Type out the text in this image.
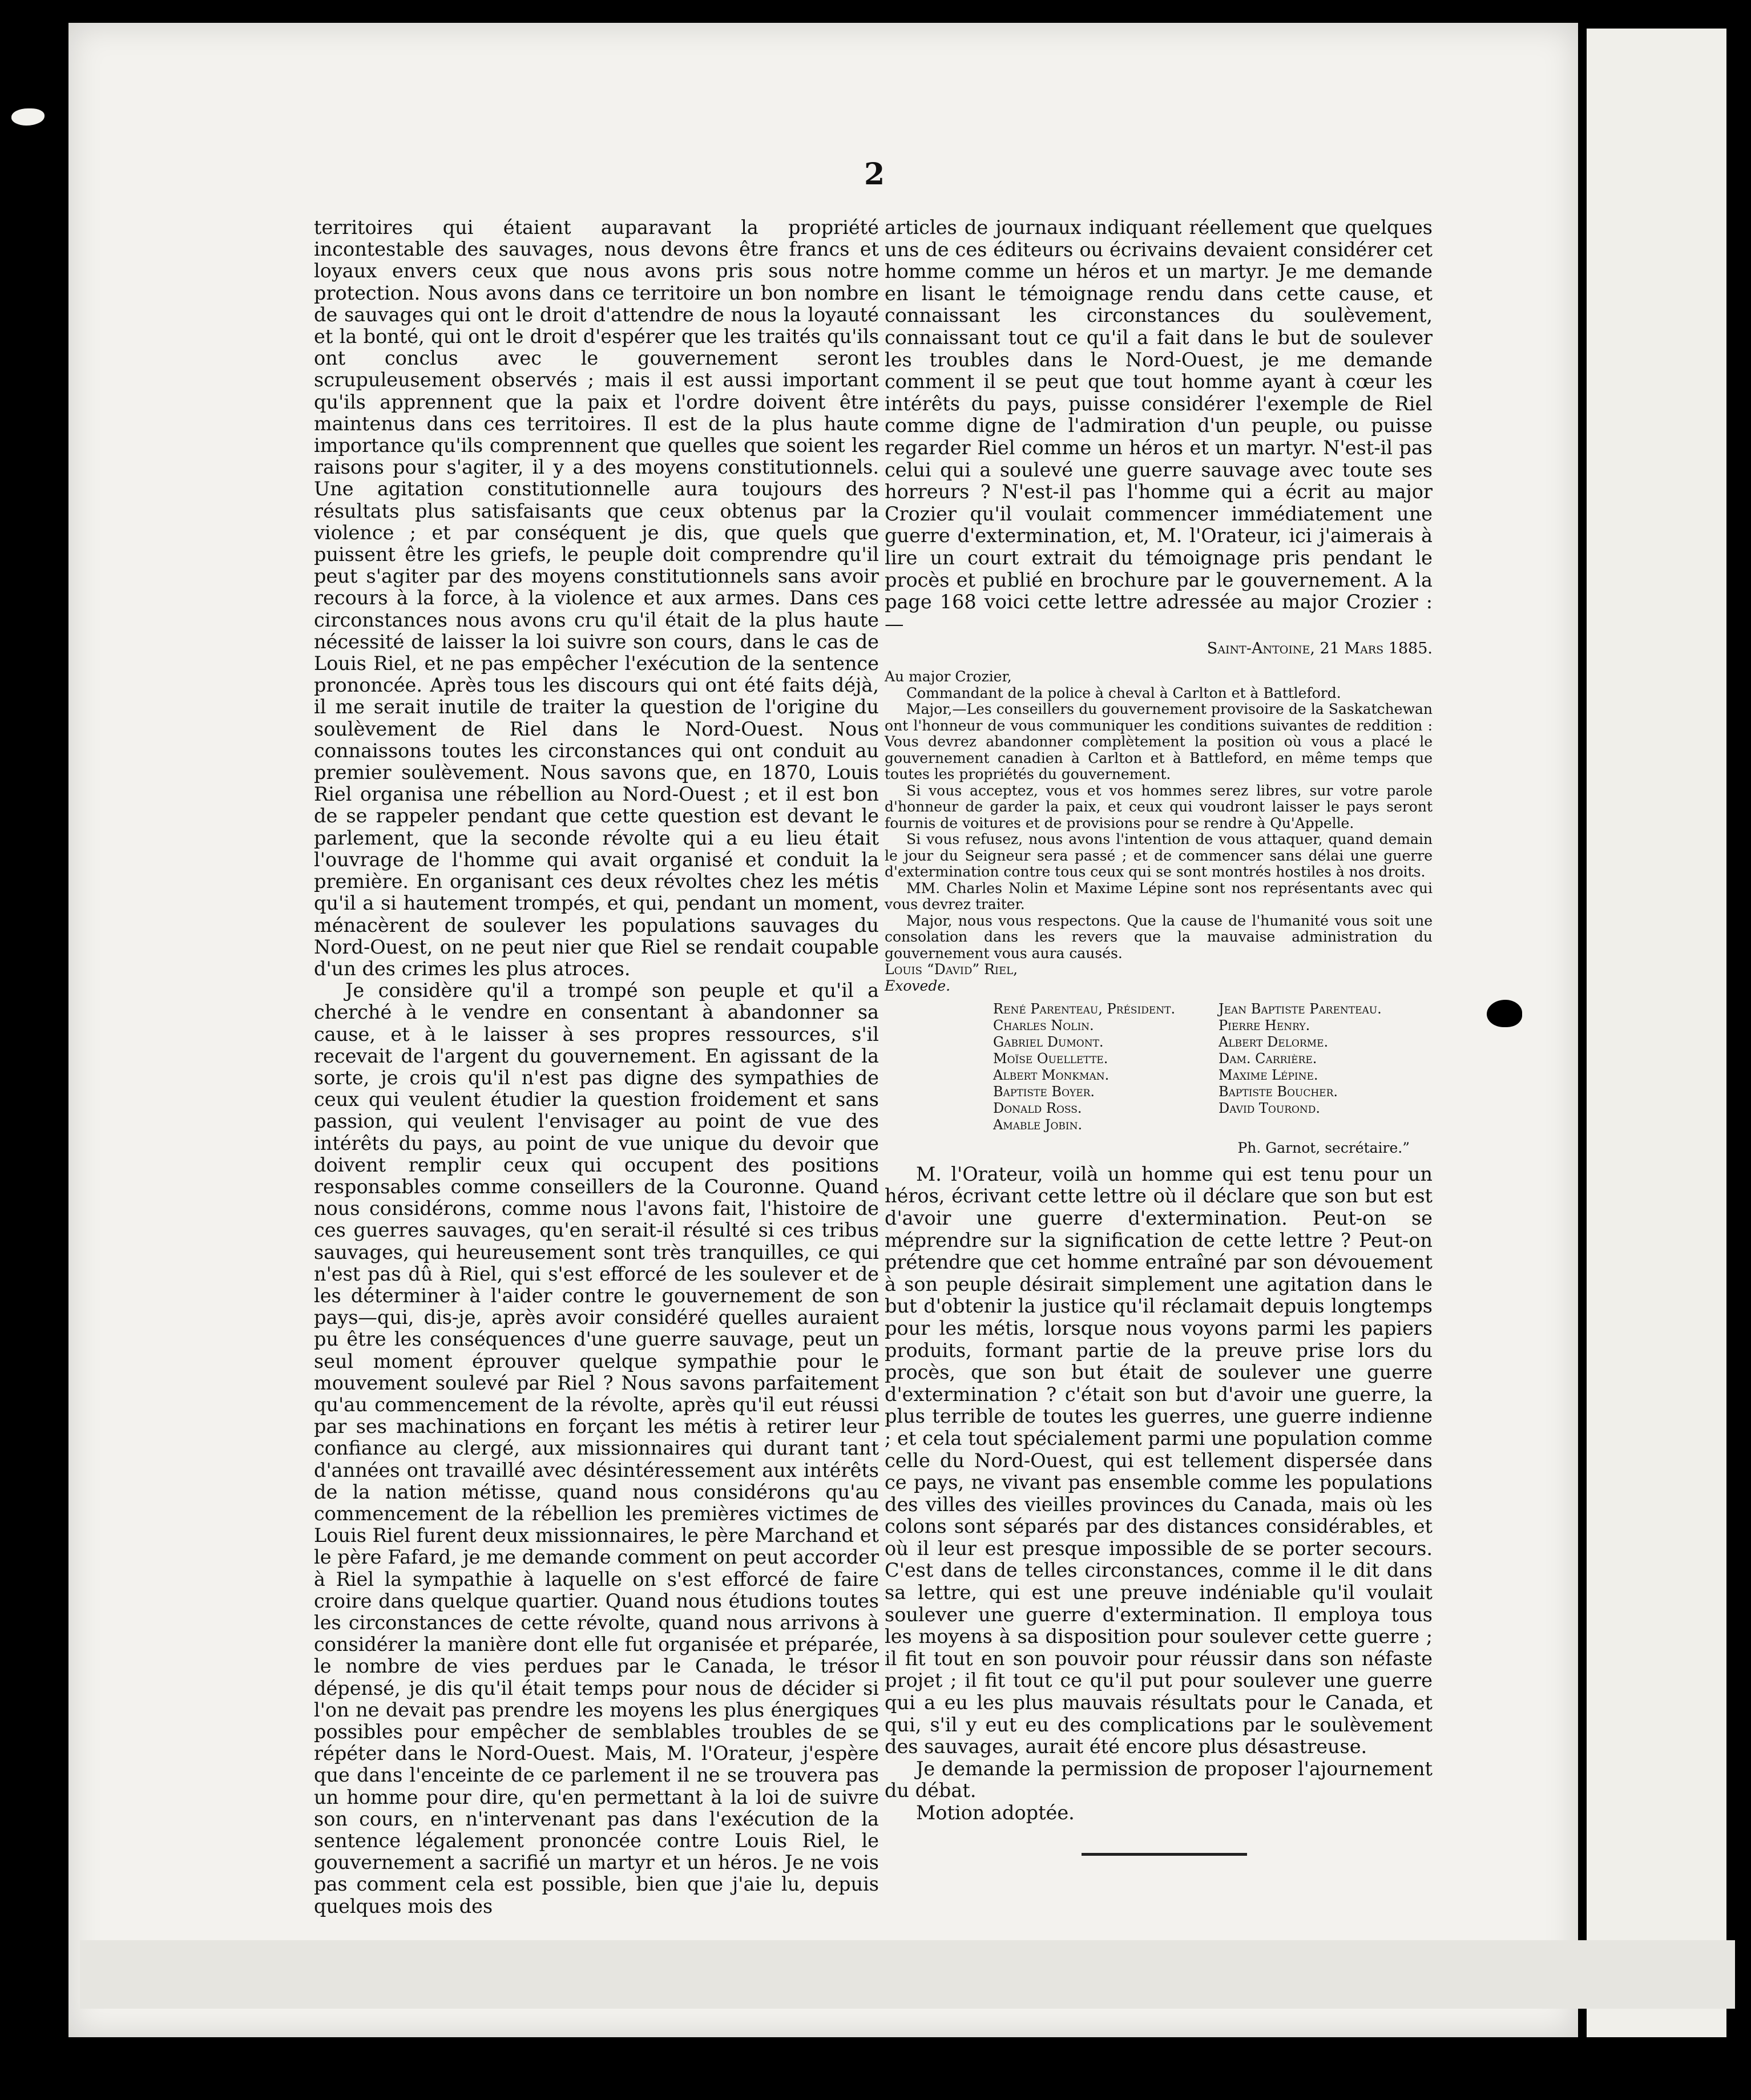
2

territoires qui étaient auparavant la propriété incontestable des sauvages, nous devons être francs et loyaux envers ceux que nous avons pris sous notre protection. Nous avons dans ce territoire un bon nombre de sauvages qui ont le droit d'attendre de nous la loyauté et la bonté, qui ont le droit d'espérer que les traités qu'ils ont conclus avec le gouvernement seront scrupuleusement observés ; mais il est aussi important qu'ils apprennent que la paix et l'ordre doivent être maintenus dans ces territoires. Il est de la plus haute importance qu'ils comprennent que quelles que soient les raisons pour s'agiter, il y a des moyens constitutionnels. Une agitation constitutionnelle aura toujours des résultats plus satisfaisants que ceux obtenus par la violence ; et par conséquent je dis, que quels que puissent être les griefs, le peuple doit comprendre qu'il peut s'agiter par des moyens constitutionnels sans avoir recours à la force, à la violence et aux armes. Dans ces circonstances nous avons cru qu'il était de la plus haute nécessité de laisser la loi suivre son cours, dans le cas de Louis Riel, et ne pas empêcher l'exécution de la sentence prononcée. Après tous les discours qui ont été faits déjà, il me serait inutile de traiter la question de l'origine du soulèvement de Riel dans le Nord-Ouest. Nous connaissons toutes les circonstances qui ont conduit au premier soulèvement. Nous savons que, en 1870, Louis Riel organisa une rébellion au Nord-Ouest ; et il est bon de se rappeler pendant que cette question est devant le parlement, que la seconde révolte qui a eu lieu était l'ouvrage de l'homme qui avait organisé et conduit la première. En organisant ces deux révoltes chez les métis qu'il a si hautement trompés, et qui, pendant un moment, ménacèrent de soulever les populations sauvages du Nord-Ouest, on ne peut nier que Riel se rendait coupable d'un des crimes les plus atroces.

Je considère qu'il a trompé son peuple et qu'il a cherché à le vendre en consentant à abandonner sa cause, et à le laisser à ses propres ressources, s'il recevait de l'argent du gouvernement. En agissant de la sorte, je crois qu'il n'est pas digne des sympathies de ceux qui veulent étudier la question froidement et sans passion, qui veulent l'envisager au point de vue des intérêts du pays, au point de vue unique du devoir que doivent remplir ceux qui occupent des positions responsables comme conseillers de la Couronne. Quand nous considérons, comme nous l'avons fait, l'histoire de ces guerres sauvages, qu'en serait-il résulté si ces tribus sauvages, qui heureusement sont très tranquilles, ce qui n'est pas dû à Riel, qui s'est efforcé de les soulever et de les déterminer à l'aider contre le gouvernement de son pays—qui, dis-je, après avoir considéré quelles auraient pu être les conséquences d'une guerre sauvage, peut un seul moment éprouver quelque sympathie pour le mouvement soulevé par Riel ? Nous savons parfaitement qu'au commencement de la révolte, après qu'il eut réussi par ses machinations en forçant les métis à retirer leur confiance au clergé, aux missionnaires qui durant tant d'années ont travaillé avec désintéressement aux intérêts de la nation métisse, quand nous considérons qu'au commencement de la rébellion les premières victimes de Louis Riel furent deux missionnaires, le père Marchand et le père Fafard, je me demande comment on peut accorder à Riel la sympathie à laquelle on s'est efforcé de faire croire dans quelque quartier. Quand nous étudions toutes les circonstances de cette révolte, quand nous arrivons à considérer la manière dont elle fut organisée et préparée, le nombre de vies perdues par le Canada, le trésor dépensé, je dis qu'il était temps pour nous de décider si l'on ne devait pas prendre les moyens les plus énergiques possibles pour empêcher de semblables troubles de se répéter dans le Nord-Ouest. Mais, M. l'Orateur, j'espère que dans l'enceinte de ce parlement il ne se trouvera pas un homme pour dire, qu'en permettant à la loi de suivre son cours, en n'intervenant pas dans l'exécution de la sentence légalement prononcée contre Louis Riel, le gouvernement a sacrifié un martyr et un héros. Je ne vois pas comment cela est possible, bien que j'aie lu, depuis quelques mois des

articles de journaux indiquant réellement que quelques uns de ces éditeurs ou écrivains devaient considérer cet homme comme un héros et un martyr. Je me demande en lisant le témoignage rendu dans cette cause, et connaissant les circonstances du soulèvement, connaissant tout ce qu'il a fait dans le but de soulever les troubles dans le Nord-Ouest, je me demande comment il se peut que tout homme ayant à cœur les intérêts du pays, puisse considérer l'exemple de Riel comme digne de l'admiration d'un peuple, ou puisse regarder Riel comme un héros et un martyr. N'est-il pas celui qui a soulevé une guerre sauvage avec toute ses horreurs ? N'est-il pas l'homme qui a écrit au major Crozier qu'il voulait commencer immédiatement une guerre d'extermination, et, M. l'Orateur, ici j'aimerais à lire un court extrait du témoignage pris pendant le procès et publié en brochure par le gouvernement. A la page 168 voici cette lettre adressée au major Crozier :—

Saint-Antoine, 21 Mars 1885.

Au major Crozier,

Commandant de la police à cheval à Carlton et à Battleford.

Major,—Les conseillers du gouvernement provisoire de la Saskatchewan ont l'honneur de vous communiquer les conditions suivantes de reddition : Vous devrez abandonner complètement la position où vous a placé le gouvernement canadien à Carlton et à Battleford, en même temps que toutes les propriétés du gouvernement.

Si vous acceptez, vous et vos hommes serez libres, sur votre parole d'honneur de garder la paix, et ceux qui voudront laisser le pays seront fournis de voitures et de provisions pour se rendre à Qu'Appelle.

Si vous refusez, nous avons l'intention de vous attaquer, quand demain le jour du Seigneur sera passé ; et de commencer sans délai une guerre d'extermination contre tous ceux qui se sont montrés hostiles à nos droits.

MM. Charles Nolin et Maxime Lépine sont nos représentants avec qui vous devrez traiter.

Major, nous vous respectons. Que la cause de l'humanité vous soit une consolation dans les revers que la mauvaise administration du gouvernement vous aura causés.

Louis “David” Riel,

Exovede.

René Parenteau, Président.
Charles Nolin.
Gabriel Dumont.
Moïse Ouellette.
Albert Monkman.
Baptiste Boyer.
Donald Ross.
Amable Jobin.
Jean Baptiste Parenteau.
Pierre Henry.
Albert Delorme.
Dam. Carrière.
Maxime Lépine.
Baptiste Boucher.
David Tourond.
Ph. Garnot, secrétaire.”

M. l'Orateur, voilà un homme qui est tenu pour un héros, écrivant cette lettre où il déclare que son but est d'avoir une guerre d'extermination. Peut-on se méprendre sur la signification de cette lettre ? Peut-on prétendre que cet homme entraîné par son dévouement à son peuple désirait simplement une agitation dans le but d'obtenir la justice qu'il réclamait depuis longtemps pour les métis, lorsque nous voyons parmi les papiers produits, formant partie de la preuve prise lors du procès, que son but était de soulever une guerre d'extermination ? c'était son but d'avoir une guerre, la plus terrible de toutes les guerres, une guerre indienne ; et cela tout spécialement parmi une population comme celle du Nord-Ouest, qui est tellement dispersée dans ce pays, ne vivant pas ensemble comme les populations des villes des vieilles provinces du Canada, mais où les colons sont séparés par des distances considérables, et où il leur est presque impossible de se porter secours. C'est dans de telles circonstances, comme il le dit dans sa lettre, qui est une preuve indéniable qu'il voulait soulever une guerre d'extermination. Il employa tous les moyens à sa disposition pour soulever cette guerre ; il fit tout en son pouvoir pour réussir dans son néfaste projet ; il fit tout ce qu'il put pour soulever une guerre qui a eu les plus mauvais résultats pour le Canada, et qui, s'il y eut eu des complications par le soulèvement des sauvages, aurait été encore plus désastreuse.

Je demande la permission de proposer l'ajournement du débat.

Motion adoptée.
